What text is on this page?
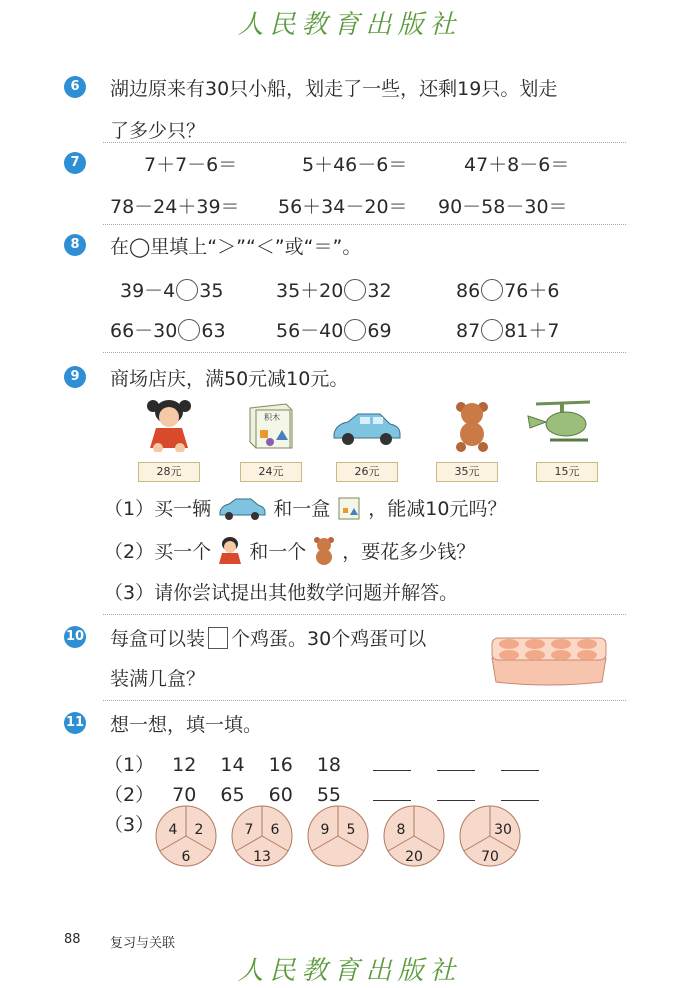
人民教育出版社
6	湖边原来有30只小船，划走了一些，还剩19只。划走
了多少只？
7	7＋7－6＝	5＋46－6＝	47＋8－6＝
78－24＋39＝ 56＋34－20＝ 90－58－30＝
8	在◯里填上“＞”“＜”或“＝”。
39－4 35	35＋20 32	86 76＋6
66－30 63	56－40 69	87 81＋7
9	商场店庆，满50元减10元。
积木
28元	24元	26元	35元	15元
（1）买一辆	和一盒 ，能减10元吗？
（2）买一个 和一个 ，要花多少钱？
（3）请你尝试提出其他数学问题并解答。
10 每盒可以装 个鸡蛋。30个鸡蛋可以
装满几盒？
11 想一想，填一填。
（1） 12 14 16 18
（2） 70 65 60 55
（3） 4 2
6
7 6
13
9 5	8
20
30
70
88 复习与关联
人民教育出版社
